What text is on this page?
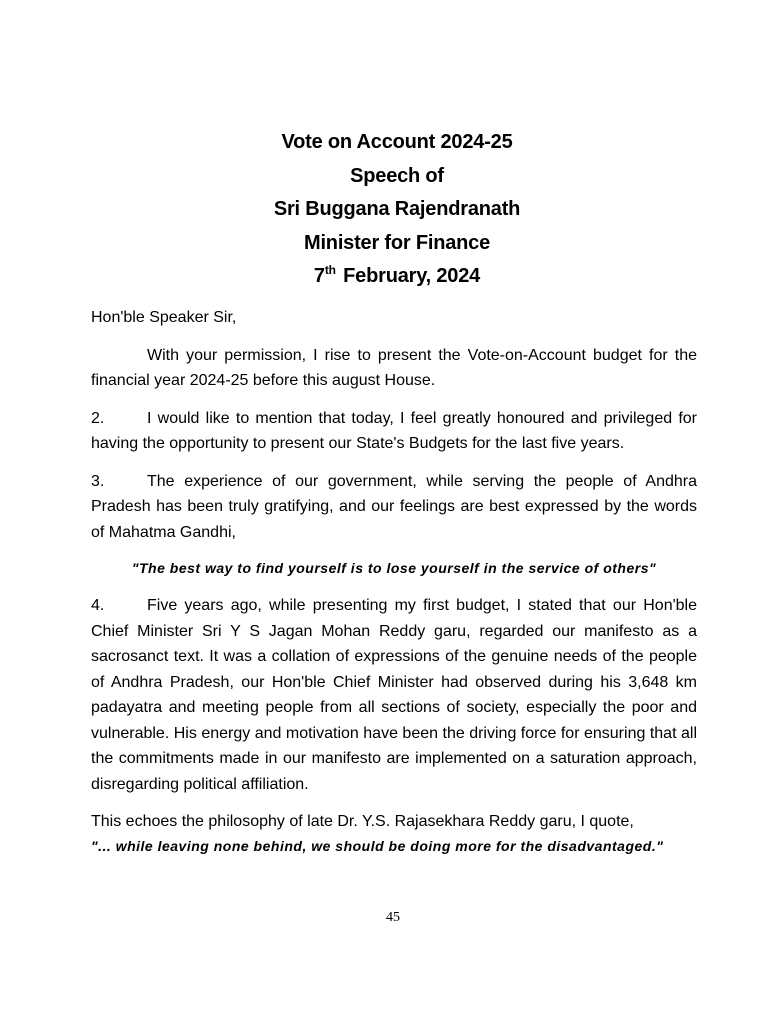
Vote on Account 2024-25
Speech of
Sri Buggana Rajendranath
Minister for Finance
7th February, 2024

Hon'ble Speaker Sir,

With your permission, I rise to present the Vote-on-Account budget for the financial year 2024-25 before this august House.

2.	I would like to mention that today, I feel greatly honoured and privileged for having the opportunity to present our State's Budgets for the last five years.

3.	The experience of our government, while serving the people of Andhra Pradesh has been truly gratifying, and our feelings are best expressed by the words of Mahatma Gandhi,

"The best way to find yourself is to lose yourself in the service of others"

4.	Five years ago, while presenting my first budget, I stated that our Hon'ble Chief Minister Sri Y S Jagan Mohan Reddy garu, regarded our manifesto as a sacrosanct text. It was a collation of expressions of the genuine needs of the people of Andhra Pradesh, our Hon'ble Chief Minister had observed during his 3,648 km padayatra and meeting people from all sections of society, especially the poor and vulnerable. His energy and motivation have been the driving force for ensuring that all the commitments made in our manifesto are implemented on a saturation approach, disregarding political affiliation.

This echoes the philosophy of late Dr. Y.S. Rajasekhara Reddy garu, I quote,

"... while leaving none behind, we should be doing more for the disadvantaged."

45
